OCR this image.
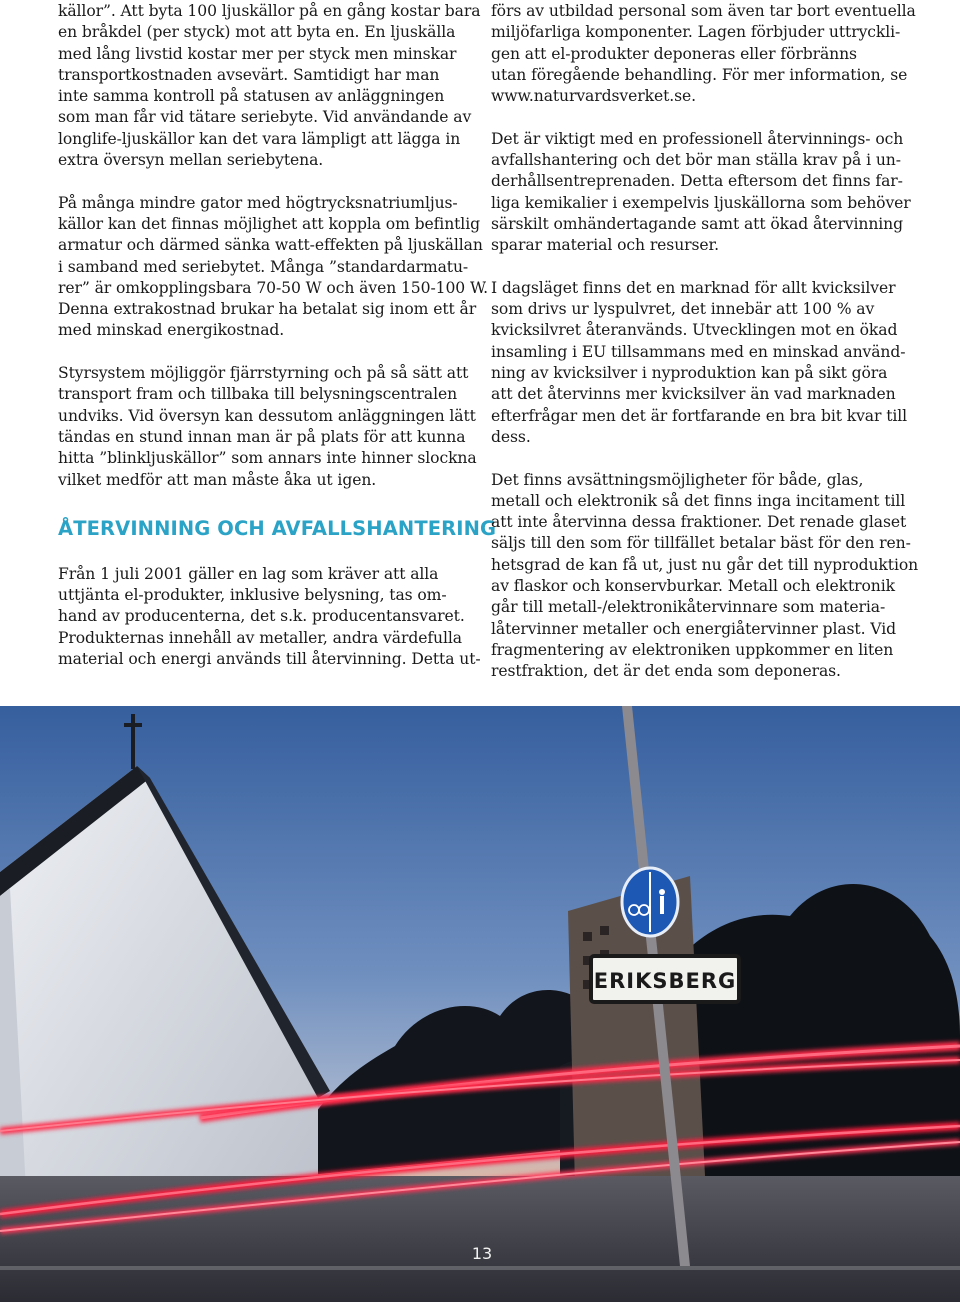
källor”. Att byta 100 ljuskällor på en gång kostar bara
en bråkdel (per styck) mot att byta en. En ljuskälla
med lång livstid kostar mer per styck men minskar
transportkostnaden avsevärt. Samtidigt har man
inte samma kontroll på statusen av anläggningen
som man får vid tätare seriebyte. Vid användande av
longlife-ljuskällor kan det vara lämpligt att lägga in
extra översyn mellan seriebytena.
På många mindre gator med högtrycksnatriumljus-
källor kan det finnas möjlighet att koppla om befintlig
armatur och därmed sänka watt-effekten på ljuskällan
i samband med seriebytet. Många ”standardarmatu-
rer” är omkopplingsbara 70-50 W och även 150-100 W.
Denna extrakostnad brukar ha betalat sig inom ett år
med minskad energikostnad.
Styrsystem möjliggör fjärrstyrning och på så sätt att
transport fram och tillbaka till belysningscentralen
undviks. Vid översyn kan dessutom anläggningen lätt
tändas en stund innan man är på plats för att kunna
hitta ”blinkljuskällor” som annars inte hinner slockna
vilket medför att man måste åka ut igen.
ÅTERVINNING OCH AVFALLSHANTERING
Från 1 juli 2001 gäller en lag som kräver att alla
uttjänta el-produkter, inklusive belysning, tas om-
hand av producenterna, det s.k. producentansvaret.
Produkternas innehåll av metaller, andra värdefulla
material och energi används till återvinning. Detta ut-
förs av utbildad personal som även tar bort eventuella
miljöfarliga komponenter. Lagen förbjuder uttryckli-
gen att el-produkter deponeras eller förbränns
utan föregående behandling. För mer information, se
www.naturvardsverket.se.
Det är viktigt med en professionell återvinnings- och
avfallshantering och det bör man ställa krav på i un-
derhållsentreprenaden. Detta eftersom det finns far-
liga kemikalier i exempelvis ljuskällorna som behöver
särskilt omhändertagande samt att ökad återvinning
sparar material och resurser.
I dagsläget finns det en marknad för allt kvicksilver
som drivs ur lyspulvret, det innebär att 100 % av
kvicksilvret återanvänds. Utvecklingen mot en ökad
insamling i EU tillsammans med en minskad använd-
ning av kvicksilver i nyproduktion kan på sikt göra
att det återvinns mer kvicksilver än vad marknaden
efterfrågar men det är fortfarande en bra bit kvar till
dess.
Det finns avsättningsmöjligheter för både, glas,
metall och elektronik så det finns inga incitament till
att inte återvinna dessa fraktioner. Det renade glaset
säljs till den som för tillfället betalar bäst för den ren-
hetsgrad de kan få ut, just nu går det till nyproduktion
av flaskor och konservburkar. Metall och elektronik
går till metall-/elektronikåtervinnare som materia-
låtervinner metaller och energiåtervinner plast. Vid
fragmentering av elektroniken uppkommer en liten
restfraktion, det är det enda som deponeras.
ERIKSBERG
13
